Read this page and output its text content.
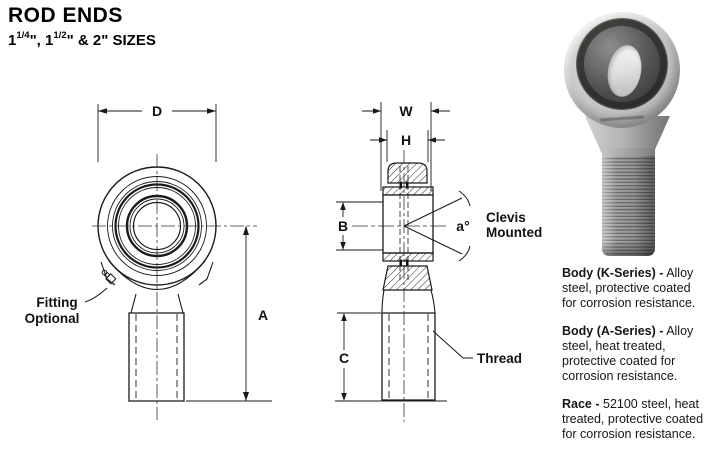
ROD ENDS
$1^{1/4}$", $1^{1/2}$" & 2" SIZES
D
A
Fitting
Optional
W
H
B
C
a°
Clevis
Mounted
Thread
Body (K-Series) - Alloy steel, protective coated for corrosion resistance.
Body (A-Series) - Alloy steel, heat treated, protective coated for corrosion resistance.
Race - 52100 steel, heat treated, protective coated for corrosion resistance.
